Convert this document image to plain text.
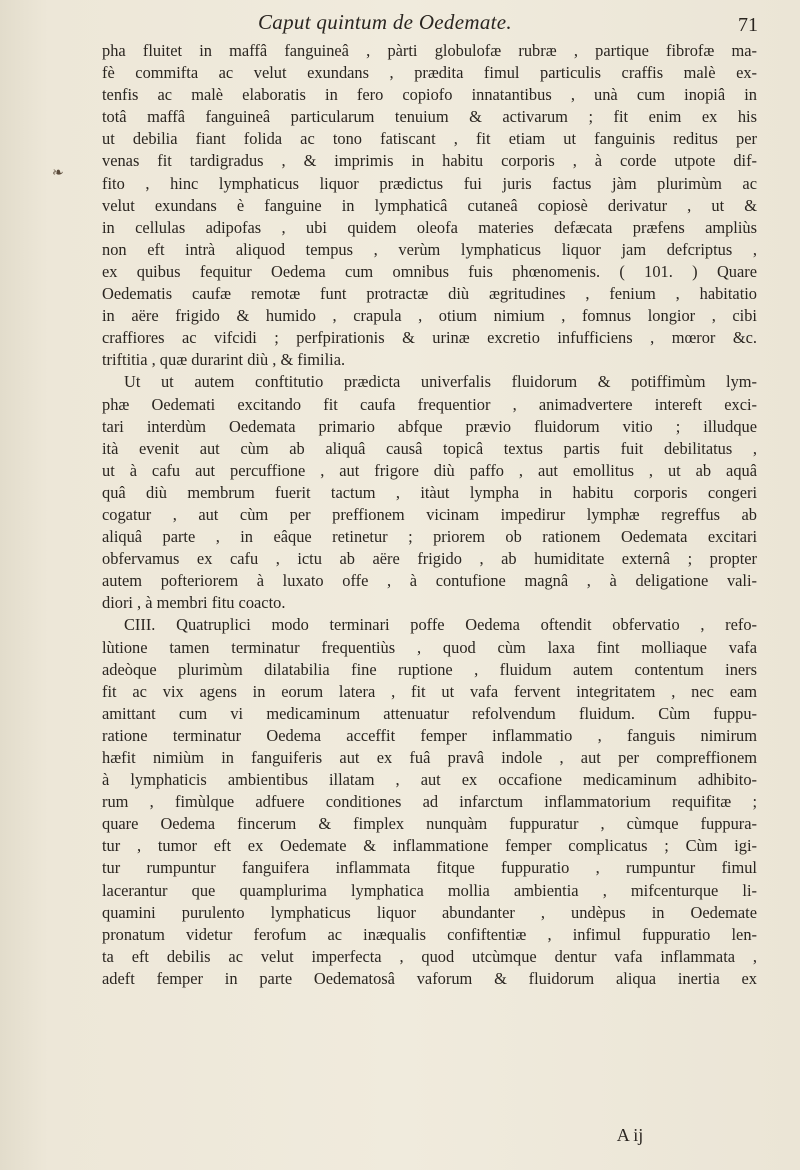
Caput quintum de Oedemate.	71
❧
pha fluitet in maffâ fanguineâ , pàrti globulofæ rubræ , partique fibrofæ ma-
fè commifta ac velut exundans , prædita fimul particulis craffis malè ex-
tenfis ac malè elaboratis in fero copiofo innatantibus , unà cum inopiâ in
totâ maffâ fanguineâ particularum tenuium & activarum ; fit enim ex his
ut debilia fiant folida ac tono fatiscant , fit etiam ut fanguinis reditus per
venas fit tardigradus , & imprimis in habitu corporis , à corde utpote dif-
fito , hinc lymphaticus liquor prædictus fui juris factus jàm plurimùm ac
velut exundans è fanguine in lymphaticâ cutaneâ copiosè derivatur , ut &
in cellulas adipofas , ubi quidem oleofa materies defæcata præfens ampliùs
non eft intrà aliquod tempus , verùm lymphaticus liquor jam defcriptus ,
ex quibus fequitur Oedema cum omnibus fuis phœnomenis. ( 101. ) Quare
Oedematis caufæ remotæ funt protractæ diù ægritudines , fenium , habitatio
in aëre frigido & humido , crapula , otium nimium , fomnus longior , cibi
craffiores ac vifcidi ; perfpirationis & urinæ excretio infufficiens , mœror &c.
triftitia , quæ durarint diù , & fimilia.
Ut ut autem conftitutio prædicta univerfalis fluidorum & potiffimùm lym-
phæ Oedemati excitando fit caufa frequentior , animadvertere intereft exci-
tari interdùm Oedemata primario abfque prævio fluidorum vitio ; illudque
ità evenit aut cùm ab aliquâ causâ topicâ textus partis fuit debilitatus ,
ut à cafu aut percuffione , aut frigore diù paffo , aut emollitus , ut ab aquâ
quâ diù membrum fuerit tactum , itàut lympha in habitu corporis congeri
cogatur , aut cùm per preffionem vicinam impedirur lymphæ regreffus ab
aliquâ parte , in eâque retinetur ; priorem ob rationem Oedemata excitari
obfervamus ex cafu , ictu ab aëre frigido , ab humiditate externâ ; propter
autem pofteriorem à luxato offe , à contufione magnâ , à deligatione vali-
diori , à membri fitu coacto.
CIII. Quatruplici modo terminari poffe Oedema oftendit obfervatio , refo-
lùtione tamen terminatur frequentiùs , quod cùm laxa fint molliaque vafa
adeòque plurimùm dilatabilia fine ruptione , fluidum autem contentum iners
fit ac vix agens in eorum latera , fit ut vafa fervent integritatem , nec eam
amittant cum vi medicaminum attenuatur refolvendum fluidum. Cùm fuppu-
ratione terminatur Oedema acceffit femper inflammatio , fanguis nimirum
hæfit nimiùm in fanguiferis aut ex fuâ pravâ indole , aut per compreffionem
à lymphaticis ambientibus illatam , aut ex occafione medicaminum adhibito-
rum , fimùlque adfuere conditiones ad infarctum inflammatorium requifitæ ;
quare Oedema fincerum & fimplex nunquàm fuppuratur , cùmque fuppura-
tur , tumor eft ex Oedemate & inflammatione femper complicatus ; Cùm igi-
tur rumpuntur fanguifera inflammata fitque fuppuratio , rumpuntur fimul
lacerantur que quamplurima lymphatica mollia ambientia , mifcenturque li-
quamini purulento lymphaticus liquor abundanter , undèpus in Oedemate
pronatum videtur ferofum ac inæqualis confiftentiæ , infimul fuppuratio len-
ta eft debilis ac velut imperfecta , quod utcùmque dentur vafa inflammata ,
adeft femper in parte Oedematosâ vaforum & fluidorum aliqua inertia ex
A ij
